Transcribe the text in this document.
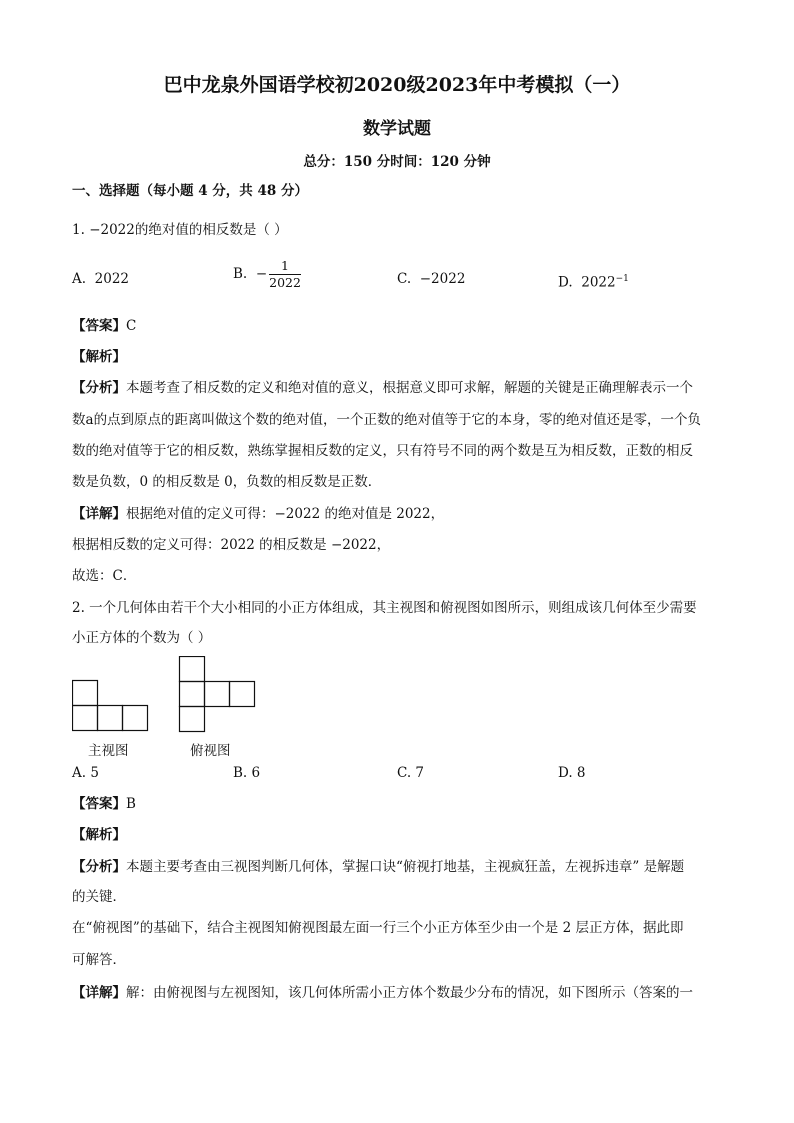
巴中龙泉外国语学校初2020级2023年中考模拟（一）
数学试题
总分：150 分时间：120 分钟
一、选择题（每小题 4 分，共 48 分）
1. −2022的绝对值的相反数是（ ）
A. 2022	B. − $\frac{1}{2022}$	C. −2022	D. $2022^{-1}$
【答案】C
【解析】
【分析】本题考查了相反数的定义和绝对值的意义，根据意义即可求解，解题的关键是正确理解表示一个
数a的点到原点的距离叫做这个数的绝对值，一个正数的绝对值等于它的本身，零的绝对值还是零，一个负
数的绝对值等于它的相反数，熟练掌握相反数的定义，只有符号不同的两个数是互为相反数，正数的相反
数是负数，0 的相反数是 0，负数的相反数是正数．
【详解】根据绝对值的定义可得：−2022 的绝对值是 2022，
根据相反数的定义可得：2022 的相反数是 −2022，
故选：C．
2. 一个几何体由若干个大小相同的小正方体组成，其主视图和俯视图如图所示，则组成该几何体至少需要
小正方体的个数为（ ）
主视图	俯视图
A. 5	B. 6	C. 7	D. 8
【答案】B
【解析】
【分析】本题主要考查由三视图判断几何体，掌握口诀“俯视打地基，主视疯狂盖，左视拆违章” 是解题
的关键．
在“俯视图”的基础下，结合主视图知俯视图最左面一行三个小正方体至少由一个是 2 层正方体，据此即
可解答．
【详解】解：由俯视图与左视图知，该几何体所需小正方体个数最少分布的情况，如下图所示（答案的一
